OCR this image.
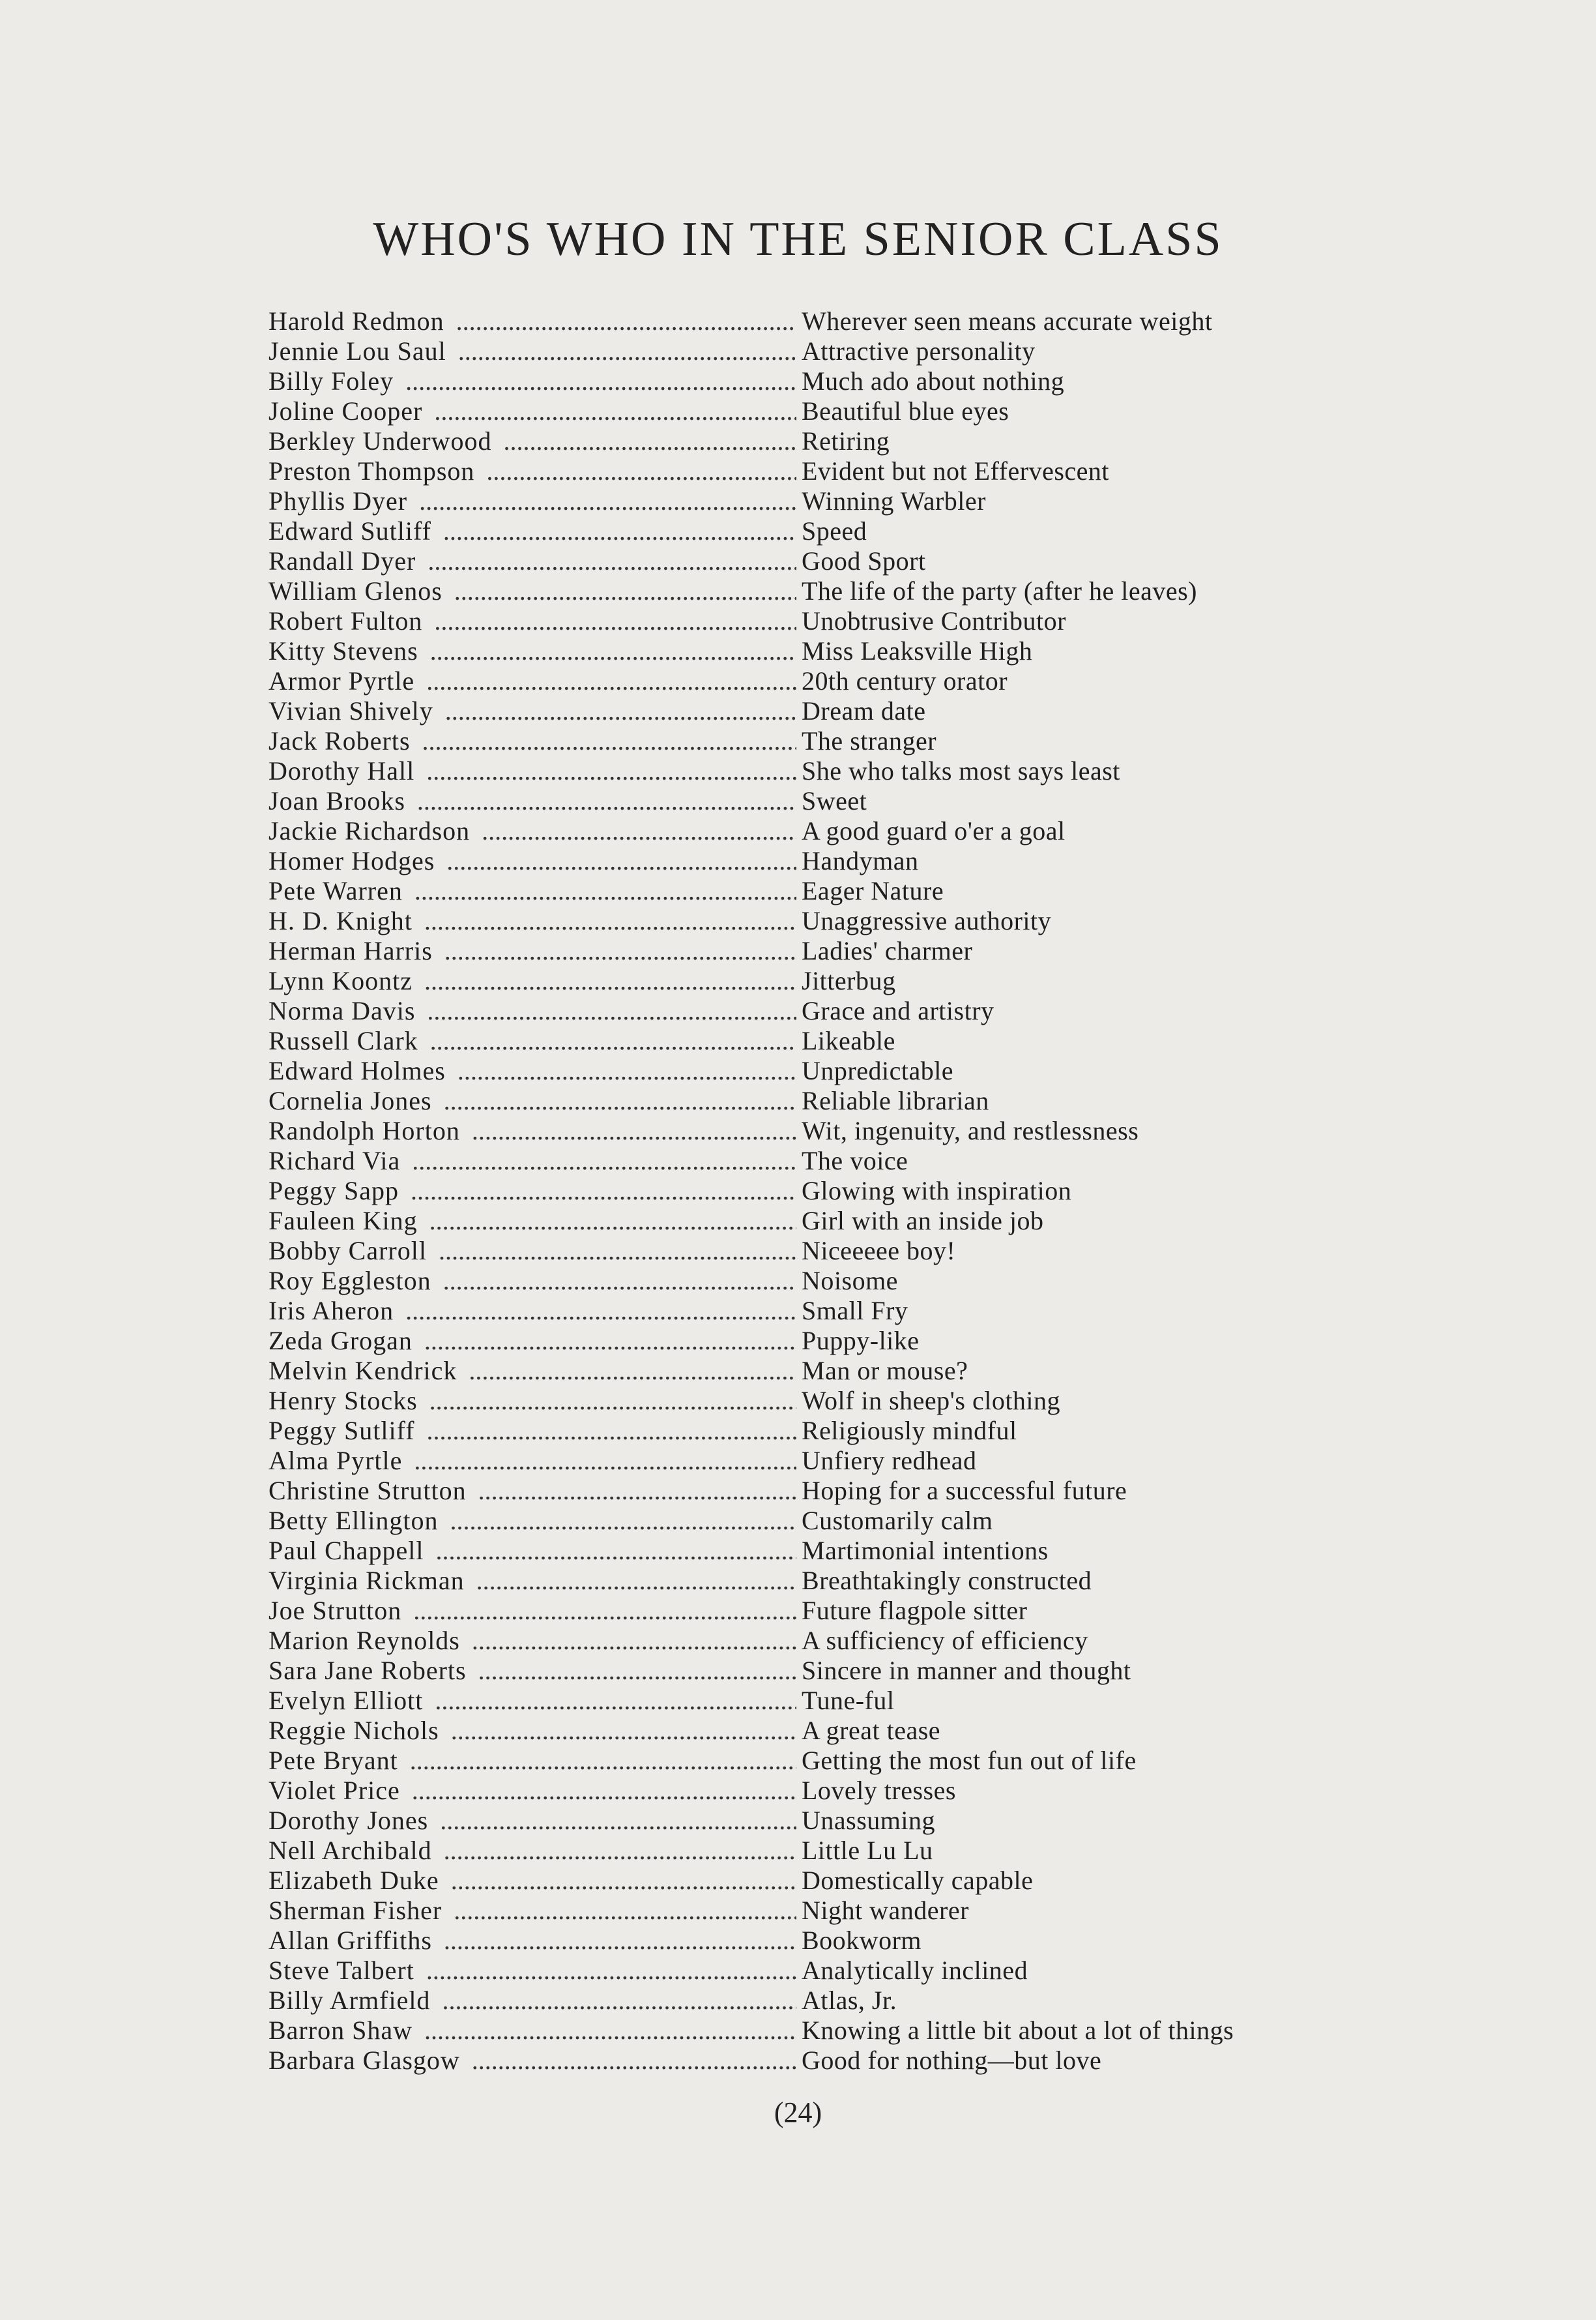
WHO'S WHO IN THE SENIOR CLASS
Harold Redmon . . .	Wherever seen means accurate weight
Jennie Lou Saul . . .	Attractive personality
Billy Foley . . .	Much ado about nothing
Joline Cooper . . .	Beautiful blue eyes
Berkley Underwood . . .	Retiring
Preston Thompson . . .	Evident but not Effervescent
Phyllis Dyer . . .	Winning Warbler
Edward Sutliff . . .	Speed
Randall Dyer . . .	Good Sport
William Glenos . . .	The life of the party (after he leaves)
Robert Fulton . . .	Unobtrusive Contributor
Kitty Stevens . . .	Miss Leaksville High
Armor Pyrtle . . .	20th century orator
Vivian Shively . . .	Dream date
Jack Roberts . . .	The stranger
Dorothy Hall . . .	She who talks most says least
Joan Brooks . . .	Sweet
Jackie Richardson . . .	A good guard o'er a goal
Homer Hodges . . .	Handyman
Pete Warren . . .	Eager Nature
H. D. Knight . . .	Unaggressive authority
Herman Harris . . .	Ladies' charmer
Lynn Koontz . . .	Jitterbug
Norma Davis . . .	Grace and artistry
Russell Clark . . .	Likeable
Edward Holmes . . .	Unpredictable
Cornelia Jones . . .	Reliable librarian
Randolph Horton . . .	Wit, ingenuity, and restlessness
Richard Via . . .	The voice
Peggy Sapp . . .	Glowing with inspiration
Fauleen King . . .	Girl with an inside job
Bobby Carroll . . .	Niceeeee boy!
Roy Eggleston . . .	Noisome
Iris Aheron . . .	Small Fry
Zeda Grogan . . .	Puppy-like
Melvin Kendrick . . .	Man or mouse?
Henry Stocks . . .	Wolf in sheep's clothing
Peggy Sutliff . . .	Religiously mindful
Alma Pyrtle . . .	Unfiery redhead
Christine Strutton . . .	Hoping for a successful future
Betty Ellington . . .	Customarily calm
Paul Chappell . . .	Martimonial intentions
Virginia Rickman . . .	Breathtakingly constructed
Joe Strutton . . .	Future flagpole sitter
Marion Reynolds . . .	A sufficiency of efficiency
Sara Jane Roberts . . .	Sincere in manner and thought
Evelyn Elliott . . .	Tune-ful
Reggie Nichols . . .	A great tease
Pete Bryant . . .	Getting the most fun out of life
Violet Price . . .	Lovely tresses
Dorothy Jones . . .	Unassuming
Nell Archibald . . .	Little Lu Lu
Elizabeth Duke . . .	Domestically capable
Sherman Fisher . . .	Night wanderer
Allan Griffiths . . .	Bookworm
Steve Talbert . . .	Analytically inclined
Billy Armfield . . .	Atlas, Jr.
Barron Shaw . . .	Knowing a little bit about a lot of things
Barbara Glasgow . . .	Good for nothing—but love
(24)
